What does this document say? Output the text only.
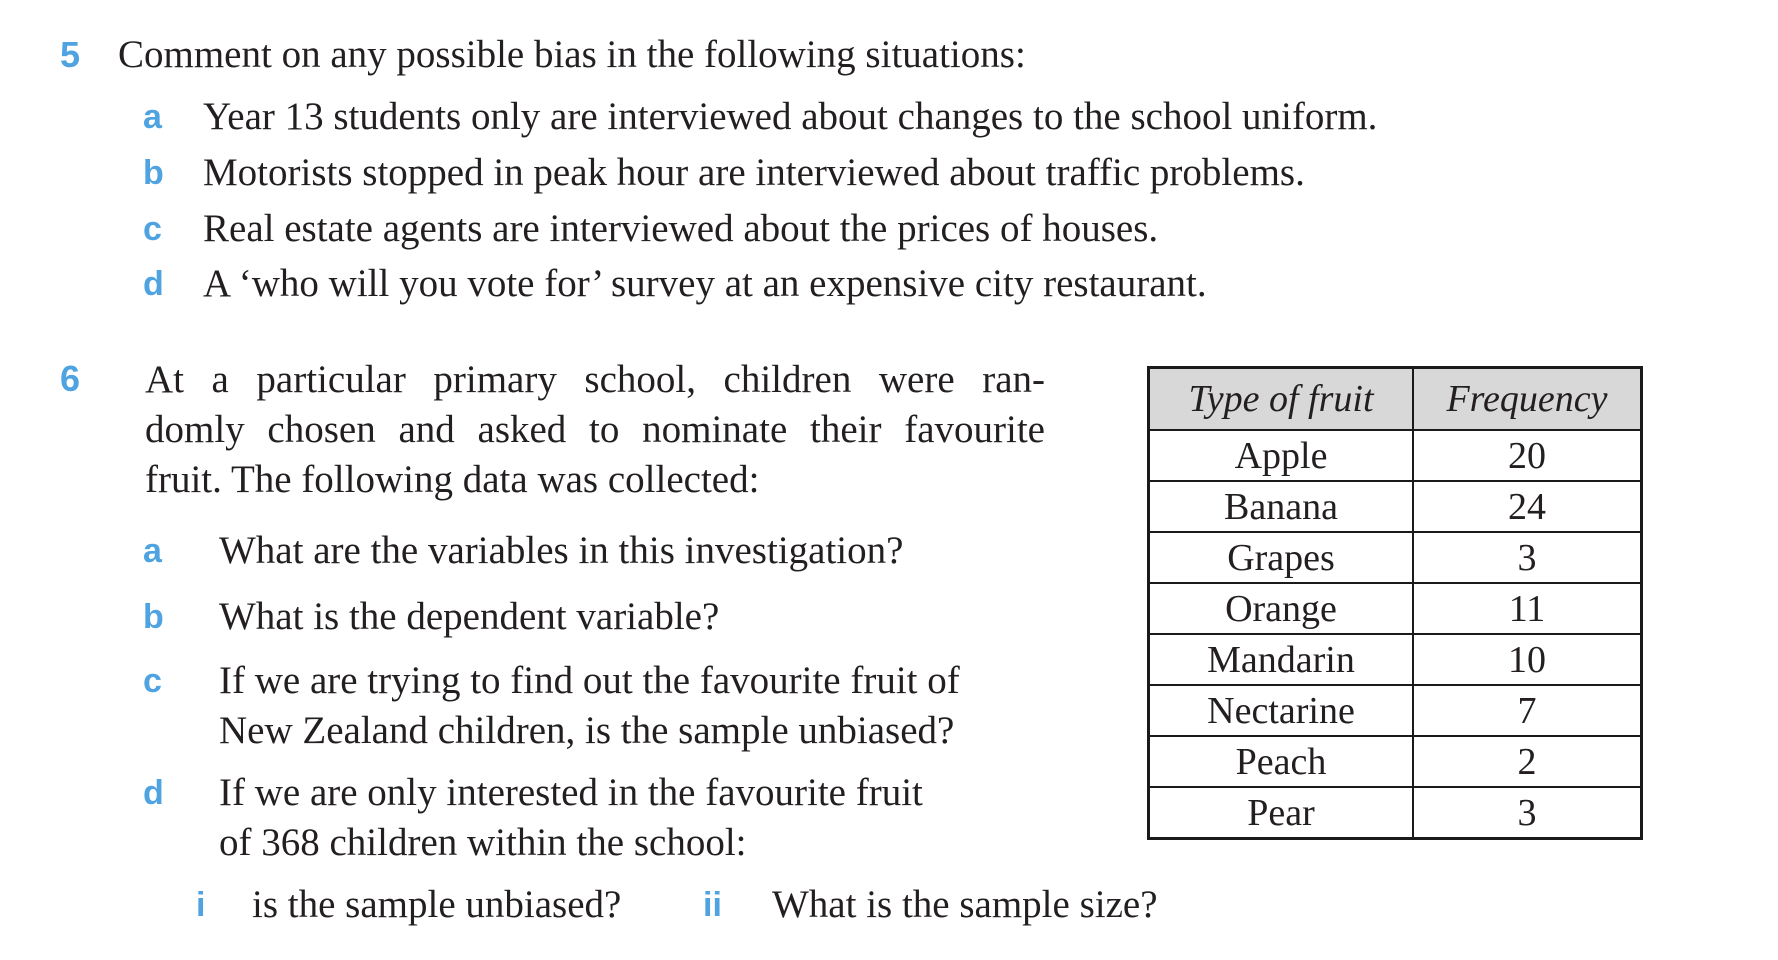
5 Comment on any possible bias in the following situations:
a Year 13 students only are interviewed about changes to the school uniform.
b Motorists stopped in peak hour are interviewed about traffic problems.
c Real estate agents are interviewed about the prices of houses.
d A ‘who will you vote for’ survey at an expensive city restaurant.
6 At a particular primary school, children were ran-
domly chosen and asked to nominate their favourite
fruit. The following data was collected:
a What are the variables in this investigation?
b What is the dependent variable?
c If we are trying to find out the favourite fruit of
New Zealand children, is the sample unbiased?
d If we are only interested in the favourite fruit
of 368 children within the school:
i is the sample unbiased? ii What is the sample size?
Type of fruit	Frequency
Apple	20
Banana	24
Grapes	3
Orange	11
Mandarin	10
Nectarine	7
Peach	2
Pear	3
